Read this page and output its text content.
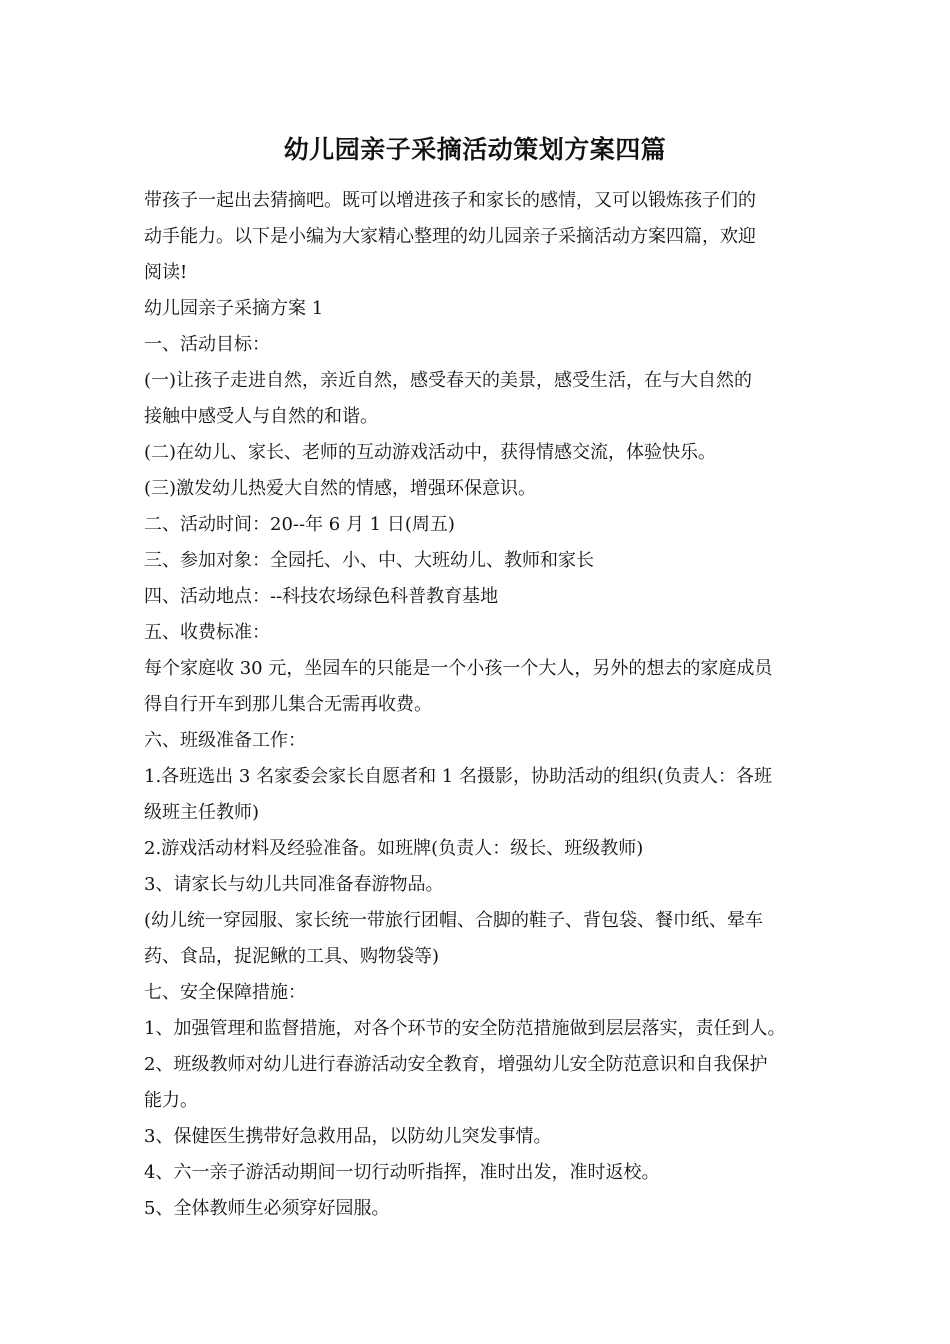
幼儿园亲子采摘活动策划方案四篇
带孩子一起出去猜摘吧。既可以增进孩子和家长的感情，又可以锻炼孩子们的
动手能力。以下是小编为大家精心整理的幼儿园亲子采摘活动方案四篇，欢迎
阅读!
幼儿园亲子采摘方案 1
一、活动目标：
(一)让孩子走进自然，亲近自然，感受春天的美景，感受生活，在与大自然的
接触中感受人与自然的和谐。
(二)在幼儿、家长、老师的互动游戏活动中，获得情感交流，体验快乐。
(三)激发幼儿热爱大自然的情感，增强环保意识。
二、活动时间：20--年 6 月 1 日(周五)
三、参加对象：全园托、小、中、大班幼儿、教师和家长
四、活动地点：--科技农场绿色科普教育基地
五、收费标准：
每个家庭收 30 元，坐园车的只能是一个小孩一个大人，另外的想去的家庭成员
得自行开车到那儿集合无需再收费。
六、班级准备工作：
1.各班选出 3 名家委会家长自愿者和 1 名摄影，协助活动的组织(负责人：各班
级班主任教师)
2.游戏活动材料及经验准备。如班牌(负责人：级长、班级教师)
3、请家长与幼儿共同准备春游物品。
(幼儿统一穿园服、家长统一带旅行团帽、合脚的鞋子、背包袋、餐巾纸、晕车
药、食品，捉泥鳅的工具、购物袋等)
七、安全保障措施：
1、加强管理和监督措施，对各个环节的安全防范措施做到层层落实，责任到人。
2、班级教师对幼儿进行春游活动安全教育，增强幼儿安全防范意识和自我保护
能力。
3、保健医生携带好急救用品，以防幼儿突发事情。
4、六一亲子游活动期间一切行动听指挥，准时出发，准时返校。
5、全体教师生必须穿好园服。
